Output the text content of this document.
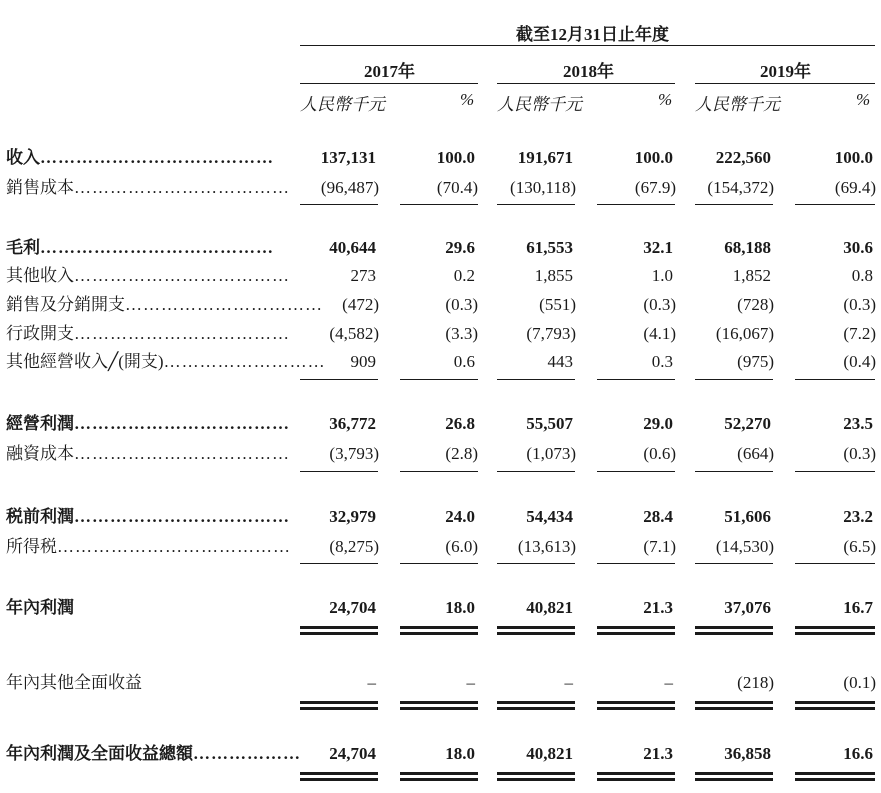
截至12月31日止年度
2017年	2018年	2019年
人民幣千元	% 人民幣千元	% 人民幣千元	%
收入…………………………………	137,131	100.0	191,671	100.0	222,560	100.0
銷售成本……………………………… (96,487)	(70.4) (130,118)	(67.9) (154,372)	(69.4)
毛利…………………………………	40,644	29.6	61,553	32.1	68,188	30.6
其他收入………………………………	273	0.2	1,855	1.0	1,852	0.8
銷售及分銷開支…………………………… (472)	(0.3)	(551)	(0.3)	(728)	(0.3)
行政開支……………………………… (4,582)	(3.3)	(7,793)	(4.1) (16,067)	(7.2)
其他經營收入╱(開支)……………………… 909	0.6	443	0.3	(975)	(0.4)
經營利潤……………………………… 36,772	26.8	55,507	29.0	52,270	23.5
融資成本……………………………… (3,793)	(2.8)	(1,073)	(0.6)	(664)	(0.3)
税前利潤……………………………… 32,979	24.0	54,434	28.4	51,606	23.2
所得税………………………………… (8,275)	(6.0) (13,613)	(7.1) (14,530)	(6.5)
年內利潤	24,704	18.0	40,821	21.3	37,076	16.7
年內其他全面收益	–	–	–	–	(218)	(0.1)
年內利潤及全面收益總額……………… 24,704	18.0	40,821	21.3	36,858	16.6
